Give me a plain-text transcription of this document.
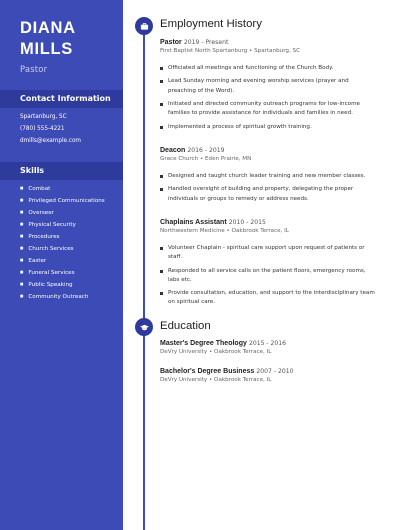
DIANA
MILLS
Pastor
Contact Information
Spartanburg, SC
(780) 555-4221
dmills@example.com
Skills
■ Combat
■ Privileged Communications
■ Overseer
■ Physical Security
■ Procedures
■ Church Services
■ Easter
■ Funeral Services
■ Public Speaking
■ Community Outreach
Employment History
Pastor 2019 - Present
First Baptist North Spartanburg • Spartanburg, SC
Officiated all meetings and functioning of the Church Body.
Lead Sunday morning and evening worship services (prayer and preaching of the Word).
Initiated and directed community outreach programs for low-income families to provide assistance for individuals and families in need.
Implemented a process of spiritual growth training.
Deacon 2016 - 2019
Grace Church • Eden Prairie, MN
Designed and taught church leader training and new member classes.
Handled oversight of building and property, delegating the proper individuals or groups to remedy or address needs.
Chaplains Assistant 2010 - 2015
Northwestern Medicine • Oakbrook Terrace, IL
Volunteer Chaplain - spiritual care support upon request of patients or staff.
Responded to all service calls on the patient floors, emergency rooms, labs etc.
Provide consultation, education, and support to the interdisciplinary team on spiritual care.
Education
Master's Degree Theology 2015 - 2016
DeVry University • Oakbrook Terrace, IL
Bachelor's Degree Business 2007 - 2010
DeVry University • Oakbrook Terrace, IL
